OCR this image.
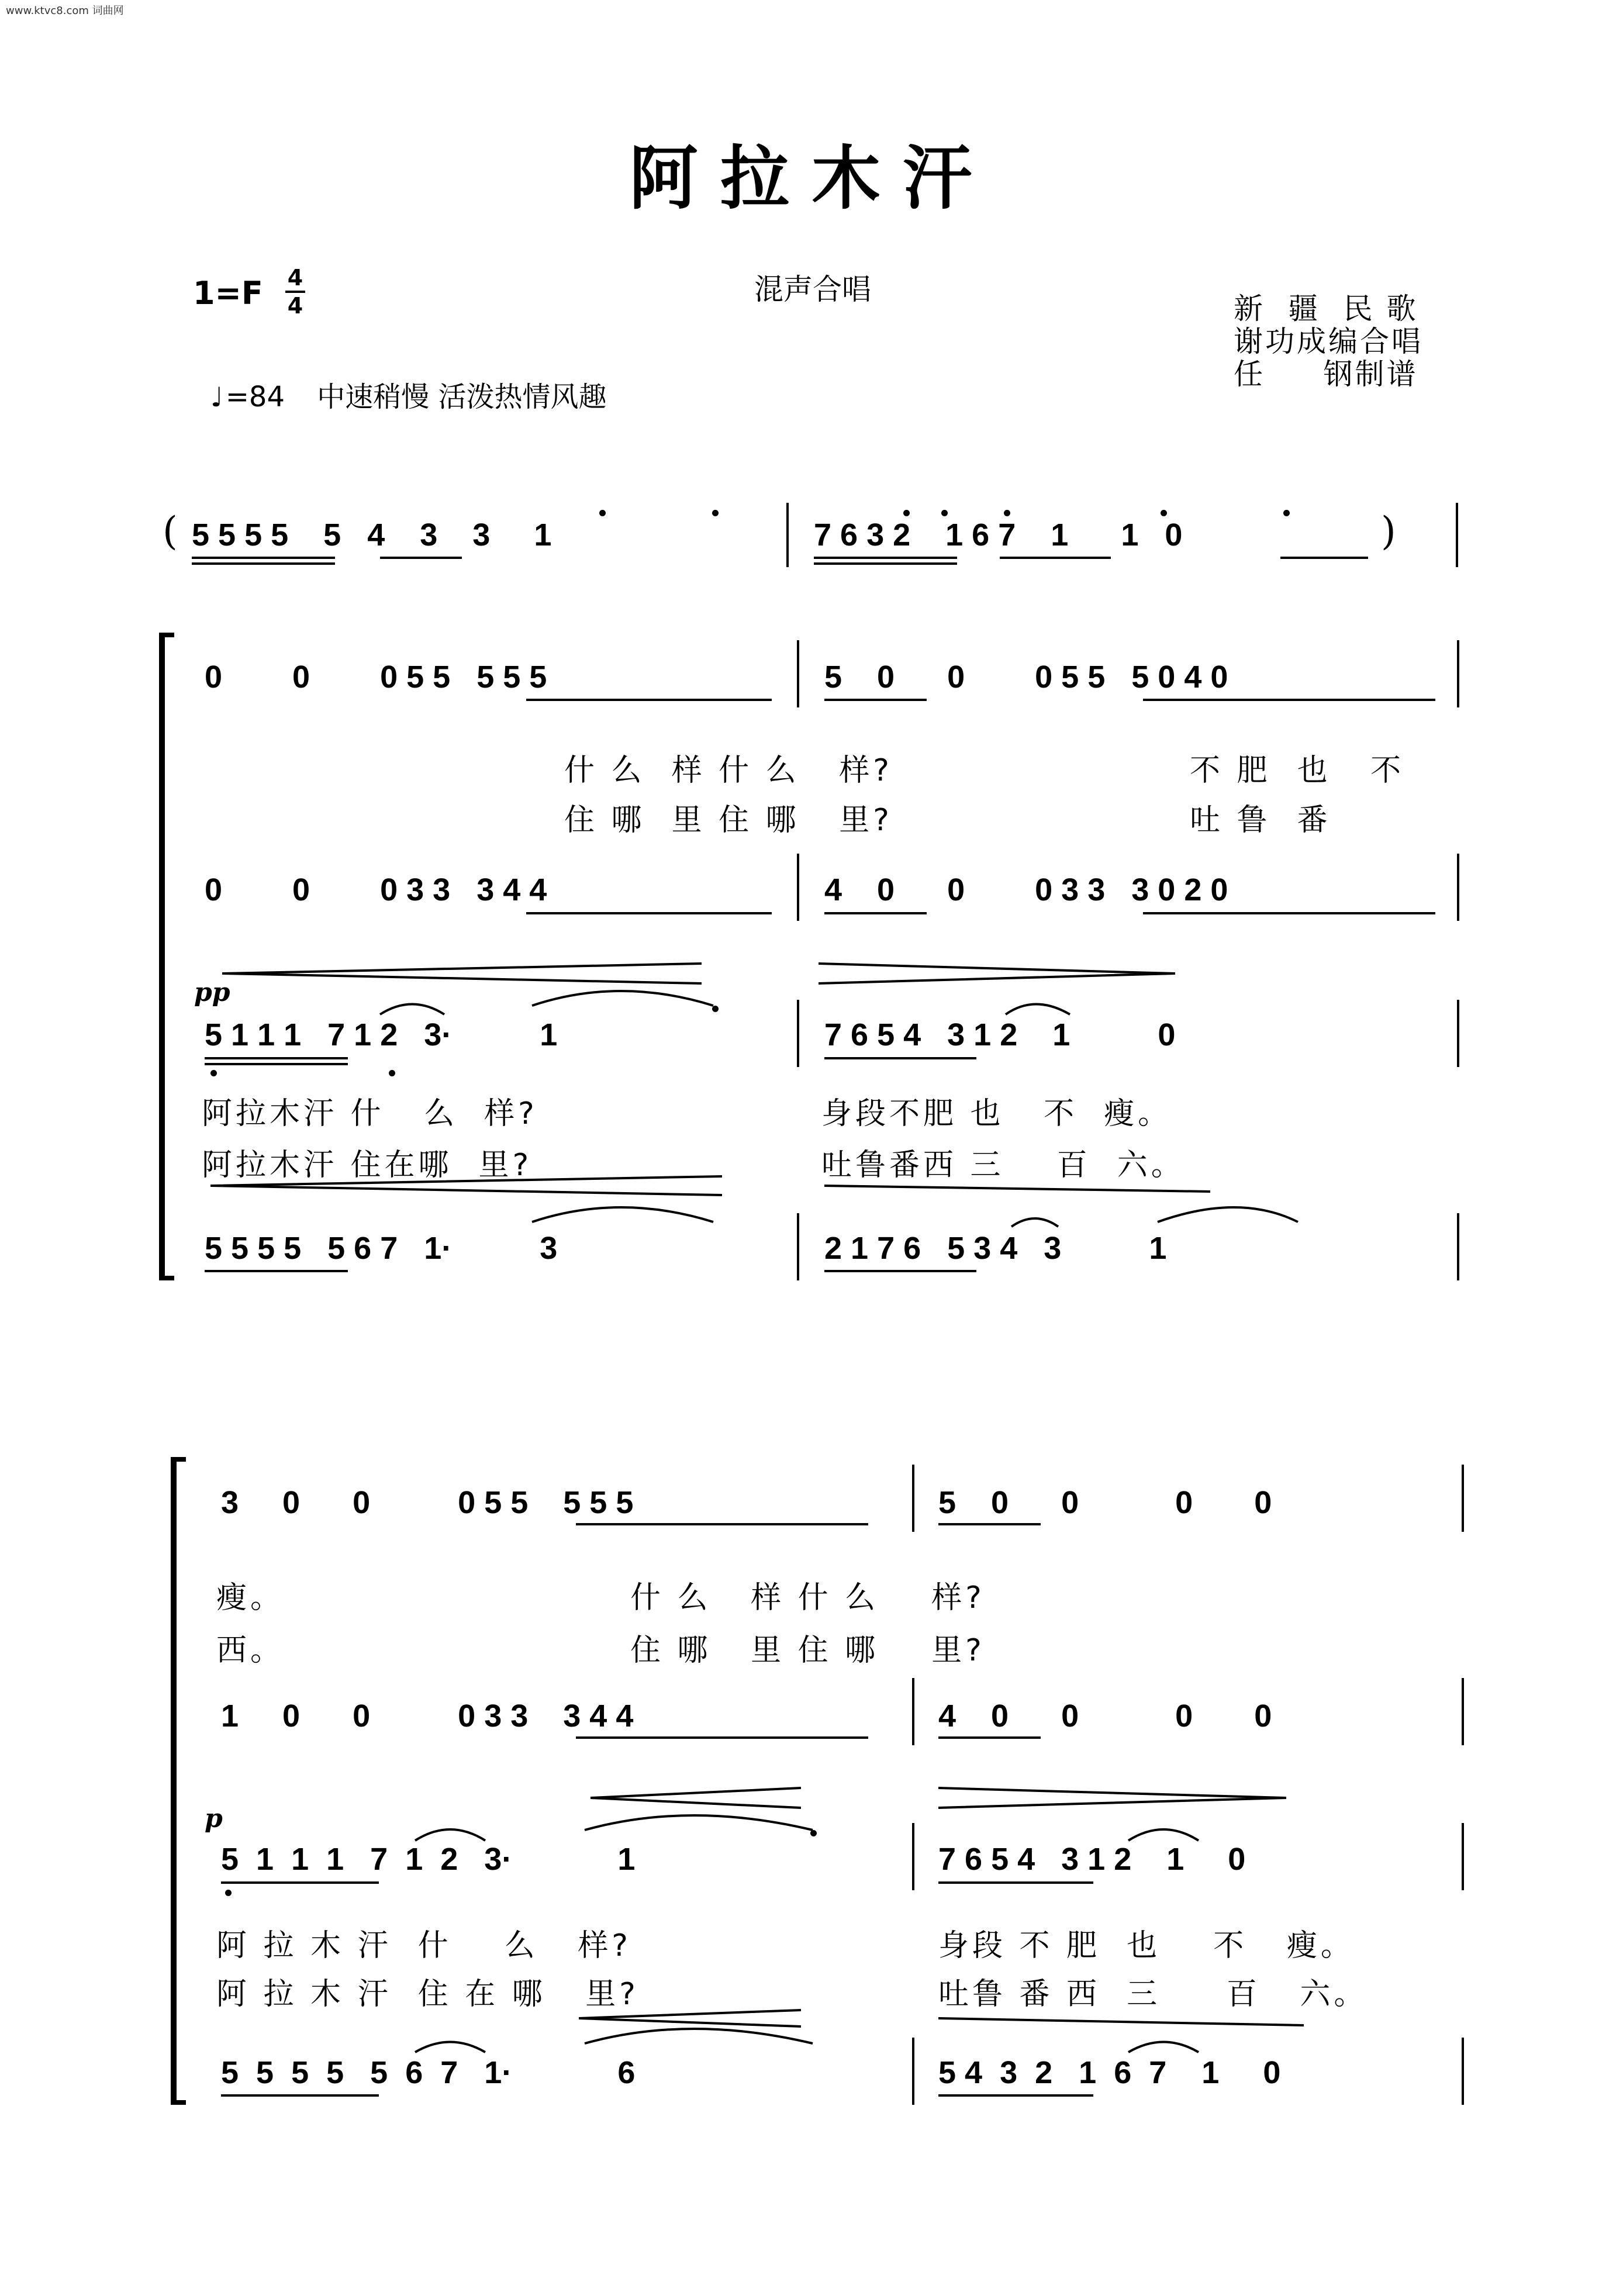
www.ktvc8.com 词曲网
阿拉木汗
1=F 4
4	混声合唱
新  疆  民 歌
谢功成编合唱
任     钢制谱
♩=84 中速稍慢 活泼热情风趣
( 5 5 5 5    5   4    3    3     1	7 6 3 2    1 6 7    1      1   0	)
0        0        0 5 5   5 5 5	5    0      0        0 5 5   5 0 4 0
什 么  样 什 么   样?	不 肥  也   不
住 哪  里 住 哪   里?	吐 鲁  番
0        0        0 3 3   3 4 4	4    0      0        0 3 3   3 0 2 0
pp
5 1 1 1   7 1 2   3·          1	7 6 5 4   3 1 2    1          0
阿拉木汗 什   么  样?	身段不肥 也   不  瘦。
阿拉木汗 住在哪  里?	吐鲁番西 三    百  六。
5 5 5 5   5 6 7   1·          3	2 1 7 6   5 3 4   3          1
3     0      0          0 5 5    5 5 5	5    0      0           0       0
瘦。	什 么   样 什 么    样?
西。	住 哪   里 住 哪    里?
1     0      0          0 3 3    3 4 4	4    0      0           0       0
p
5  1  1  1   7  1  2   3·            1	7 6 5 4   3 1 2    1     0
阿 拉 木 汗  什    么   样?	身段 不 肥  也    不   瘦。
阿 拉 木 汗  住 在 哪   里?	吐鲁 番 西  三     百   六。
5  5  5  5   5  6  7   1·            6	5 4  3  2   1  6  7    1     0
